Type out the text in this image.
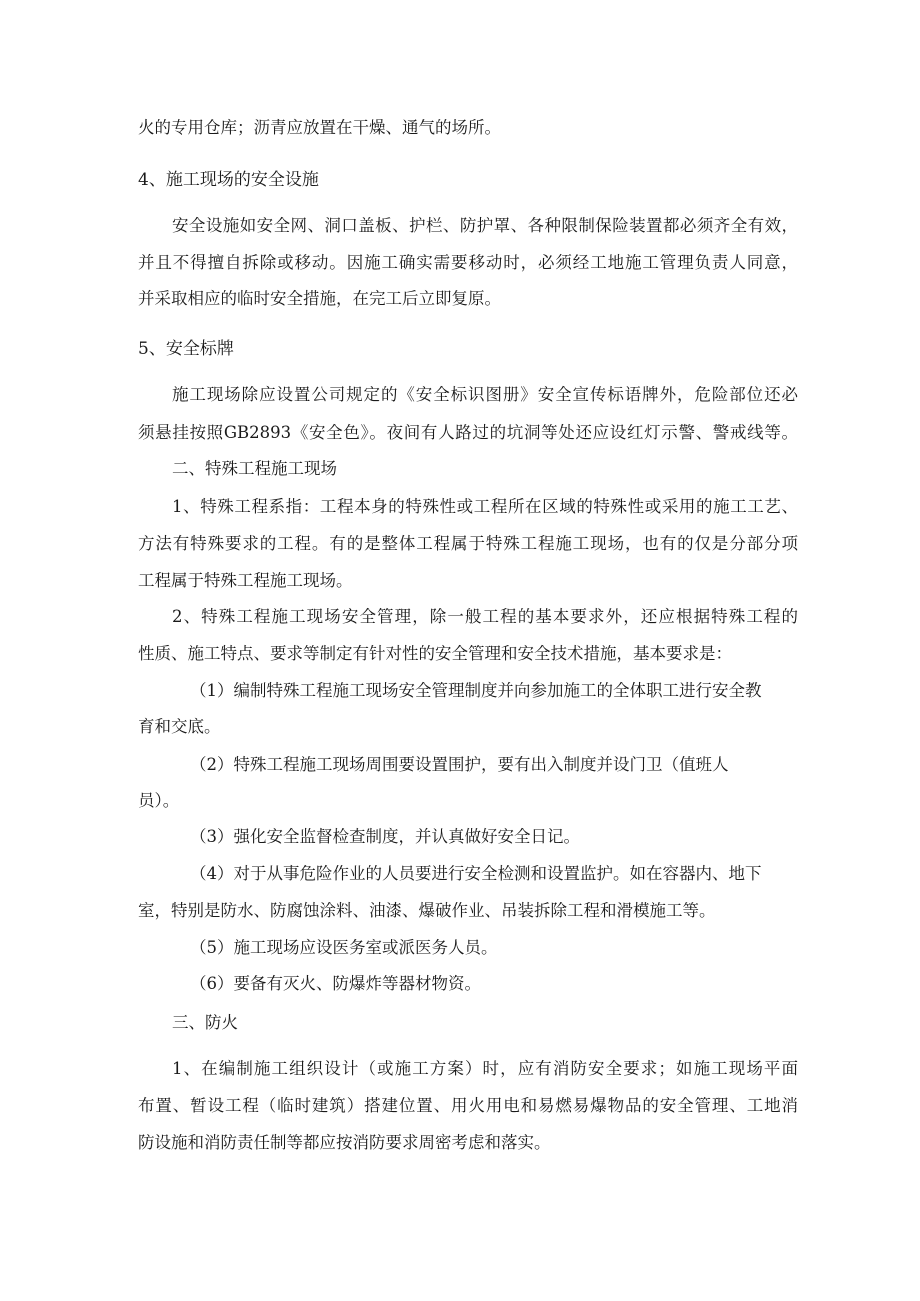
火的专用仓库；沥青应放置在干燥、通气的场所。
4、施工现场的安全设施
安全设施如安全网、洞口盖板、护栏、防护罩、各种限制保险装置都必须齐全有效，
并且不得擅自拆除或移动。因施工确实需要移动时，必须经工地施工管理负责人同意，
并采取相应的临时安全措施，在完工后立即复原。
5、安全标牌
施工现场除应设置公司规定的《安全标识图册》安全宣传标语牌外，危险部位还必
须悬挂按照GB2893《安全色》。夜间有人路过的坑洞等处还应设红灯示警、警戒线等。
二、特殊工程施工现场
1、特殊工程系指：工程本身的特殊性或工程所在区域的特殊性或采用的施工工艺、
方法有特殊要求的工程。有的是整体工程属于特殊工程施工现场，也有的仅是分部分项
工程属于特殊工程施工现场。
2、特殊工程施工现场安全管理，除一般工程的基本要求外，还应根据特殊工程的
性质、施工特点、要求等制定有针对性的安全管理和安全技术措施，基本要求是：
（1）编制特殊工程施工现场安全管理制度并向参加施工的全体职工进行安全教
育和交底。
（2）特殊工程施工现场周围要设置围护，要有出入制度并设门卫（值班人
员）。
（3）强化安全监督检查制度，并认真做好安全日记。
（4）对于从事危险作业的人员要进行安全检测和设置监护。如在容器内、地下
室，特别是防水、防腐蚀涂料、油漆、爆破作业、吊装拆除工程和滑模施工等。
（5）施工现场应设医务室或派医务人员。
（6）要备有灭火、防爆炸等器材物资。
三、防火
1、在编制施工组织设计（或施工方案）时，应有消防安全要求；如施工现场平面
布置、暂设工程（临时建筑）搭建位置、用火用电和易燃易爆物品的安全管理、工地消
防设施和消防责任制等都应按消防要求周密考虑和落实。
